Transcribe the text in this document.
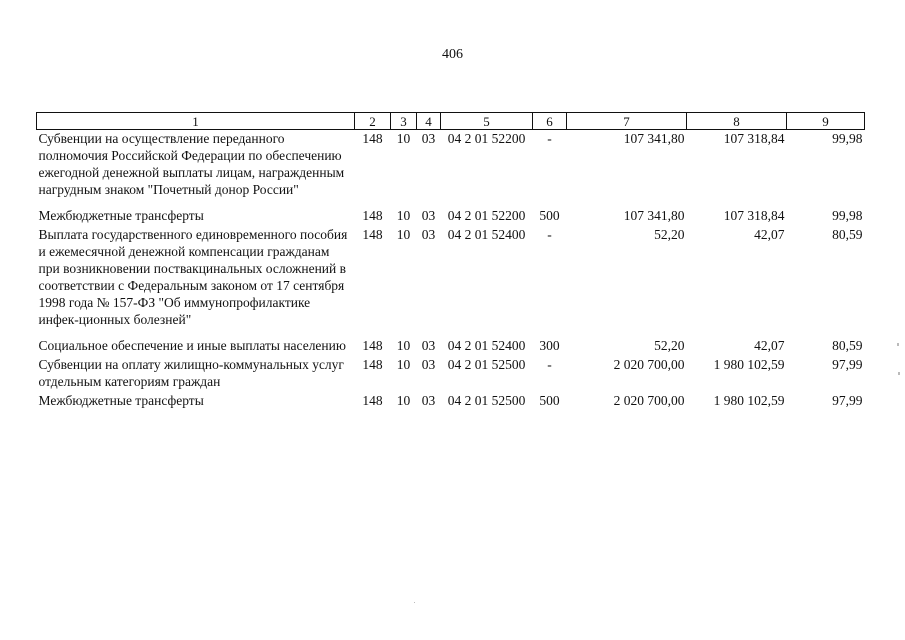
406
1	2	3	4	5	6	7	8	9
Субвенции на осуществление переданного полномочия Российской Федерации по обеспечению ежегодной денежной выплаты лицам, награжденным нагрудным знаком "Почетный донор России"	148	10	03	04 2 01 52200	-	107 341,80	107 318,84	99,98
Межбюджетные трансферты	148	10	03	04 2 01 52200	500	107 341,80	107 318,84	99,98
Выплата государственного единовременного пособия и ежемесячной денежной компенсации гражданам при возникновении поствакцинальных осложнений в соответствии с Федеральным законом от 17 сентября 1998 года № 157-ФЗ "Об иммунопрофилактике инфек-ционных болезней"	148	10	03	04 2 01 52400	-	52,20	42,07	80,59
Социальное обеспечение и иные выплаты населению	148	10	03	04 2 01 52400	300	52,20	42,07	80,59
Субвенции на оплату жилищно-коммунальных услуг отдельным категориям граждан	148	10	03	04 2 01 52500	-	2 020 700,00	1 980 102,59	97,99
Межбюджетные трансферты	148	10	03	04 2 01 52500	500	2 020 700,00	1 980 102,59	97,99
